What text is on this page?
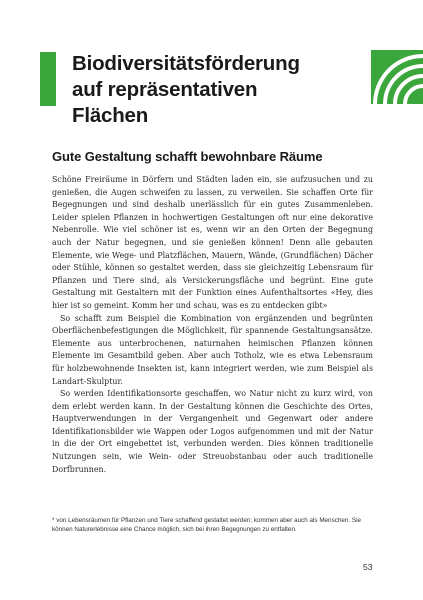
Biodiversitätsförderung auf repräsentativen Flächen
Gute Gestaltung schafft bewohnbare Räume

Schöne Freiräume in Dörfern und Städten laden ein, sie aufzusuchen und zu genießen, die Augen schweifen zu lassen, zu verweilen. Sie schaffen Orte für Begegnungen und sind deshalb unerlässlich für ein gutes Zusammenleben. Leider spielen Pflanzen in hochwertigen Gestaltungen oft nur eine dekorative Nebenrolle. Wie viel schöner ist es, wenn wir an den Orten der Begegnung auch der Natur begegnen, und sie genießen können! Denn alle gebauten Elemente, wie Wege- und Platzflächen, Mauern, Wände, (Grundflächen) Dächer oder Stühle, können so gestaltet werden, dass sie gleichzeitig Lebensraum für Pflanzen und Tiere sind, als Versickerungsfläche und begrünt. Eine gute Gestaltung mit Gestaltern mit der Funktion eines Aufenthaltsortes «Hey, dies hier ist so gemeint. Komm her und schau, was es zu entdecken gibt»

So schafft zum Beispiel die Kombination von ergänzenden und begrünten Oberflächenbefestigungen die Möglichkeit, für spannende Gestaltungsansätze. Elemente aus unterbrochenen, naturnahen heimischen Pflanzen können Elemente im Gesamtbild geben. Aber auch Totholz, wie es etwa Lebensraum für holzbewohnende Insekten ist, kann integriert werden, wie zum Beispiel als Landart-Skulptur.

So werden Identifikationsorte geschaffen, wo Natur nicht zu kurz wird, von dem erlebt werden kann. In der Gestaltung können die Geschichte des Ortes, Hauptverwendungen in der Vergangenheit und Gegenwart oder andere Identifikationsbilder wie Wappen oder Logos aufgenommen und mit der Natur in die der Ort eingebettet ist, verbunden werden. Dies können traditionelle Nutzungen sein, wie Wein- oder Streuobstanbau oder auch traditionelle Dorfbrunnen.

* von Lebensräumen für Pflanzen und Tiere schaffend gestaltet werden; kommen aber auch als Menschen. Sie können Naturerlebnisse eine Chance möglich, sich bei ihren Begegnungen zu entfalten.
53
